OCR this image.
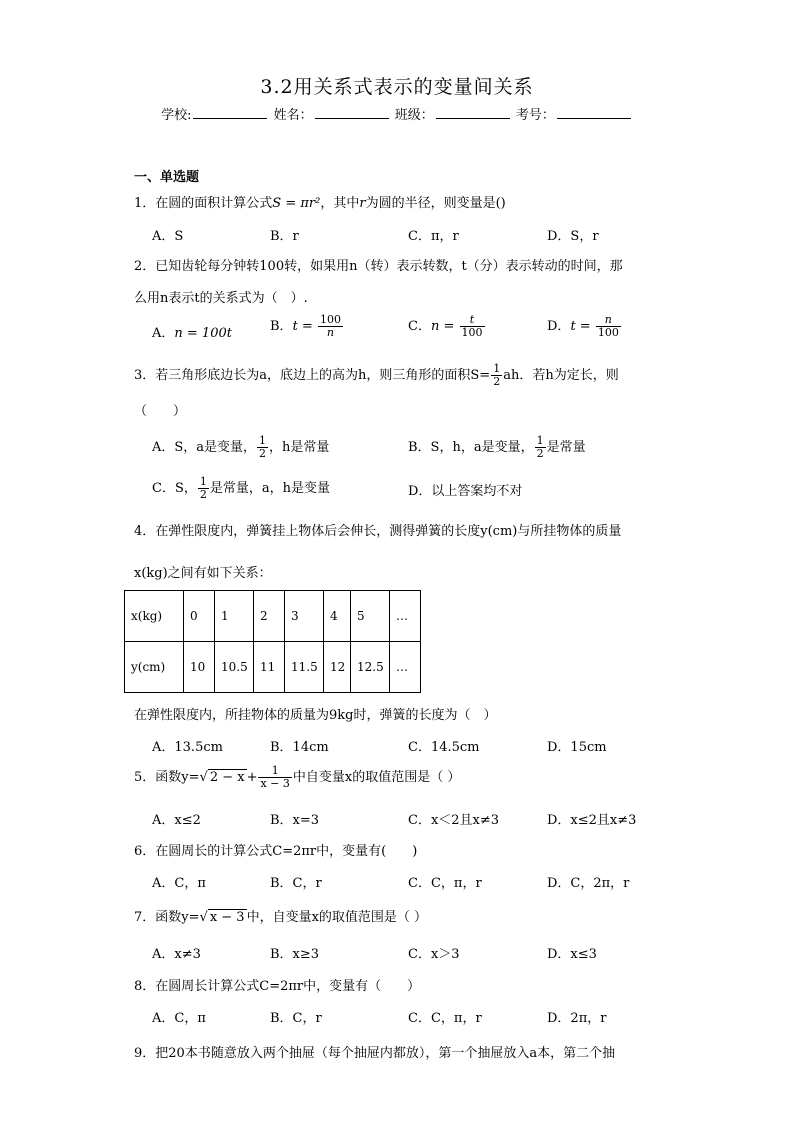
3.2用关系式表示的变量间关系
学校:	姓名：	班级：	考号：
一、单选题
1．在圆的面积计算公式S = πr²，其中r为圆的半径，则变量是()
A．S	B．r	C．π，r	D．S，r
2．已知齿轮每分钟转100转，如果用n（转）表示转数，t（分）表示转动的时间，那
么用n表示t的关系式为（　）.
A．n = 100t	B．$t = \frac{100}{n}$	C．$n = \frac{t}{100}$	D．$t = \frac{n}{100}$
3．若三角形底边长为a，底边上的高为h，则三角形的面积$S= \frac{1}{2}$ ah．若h为定长，则
（　　）
A．S，a是变量， $\frac{1}{2}$ ，h是常量	B．S，h，a是变量， $\frac{1}{2}$ 是常量
C．S， $\frac{1}{2}$ 是常量，a，h是变量	D．以上答案均不对
4．在弹性限度内，弹簧挂上物体后会伸长，测得弹簧的长度y(cm)与所挂物体的质量
x(kg)之间有如下关系：
x(kg)	0	1	2	3	4	5	…
y(cm)	10	10.5	11	11.5	12	12.5	…
在弹性限度内，所挂物体的质量为9kg时，弹簧的长度为（　）
A．13.5cm	B．14cm	C．14.5cm	D．15cm
5．函数y=√ $2 - x + \frac{1}{x - 3}$ 中自变量x的取值范围是（ ）
A．x≤2	B．x=3	C．x＜2且x≠3	D．x≤2且x≠3
6．在圆周长的计算公式C=2πr中，变量有(　　)
A．C，π	B．C，r	C．C，π，r	D．C，2π，r
7．函数y=√ x − 3 中，自变量x的取值范围是（ ）
A．x≠3	B．x≥3	C．x＞3	D．x≤3
8．在圆周长计算公式C=2πr中，变量有（　　）
A．C，π	B．C，r	C．C，π，r	D．2π，r
9．把20本书随意放入两个抽屉（每个抽屉内都放），第一个抽屉放入a本，第二个抽
